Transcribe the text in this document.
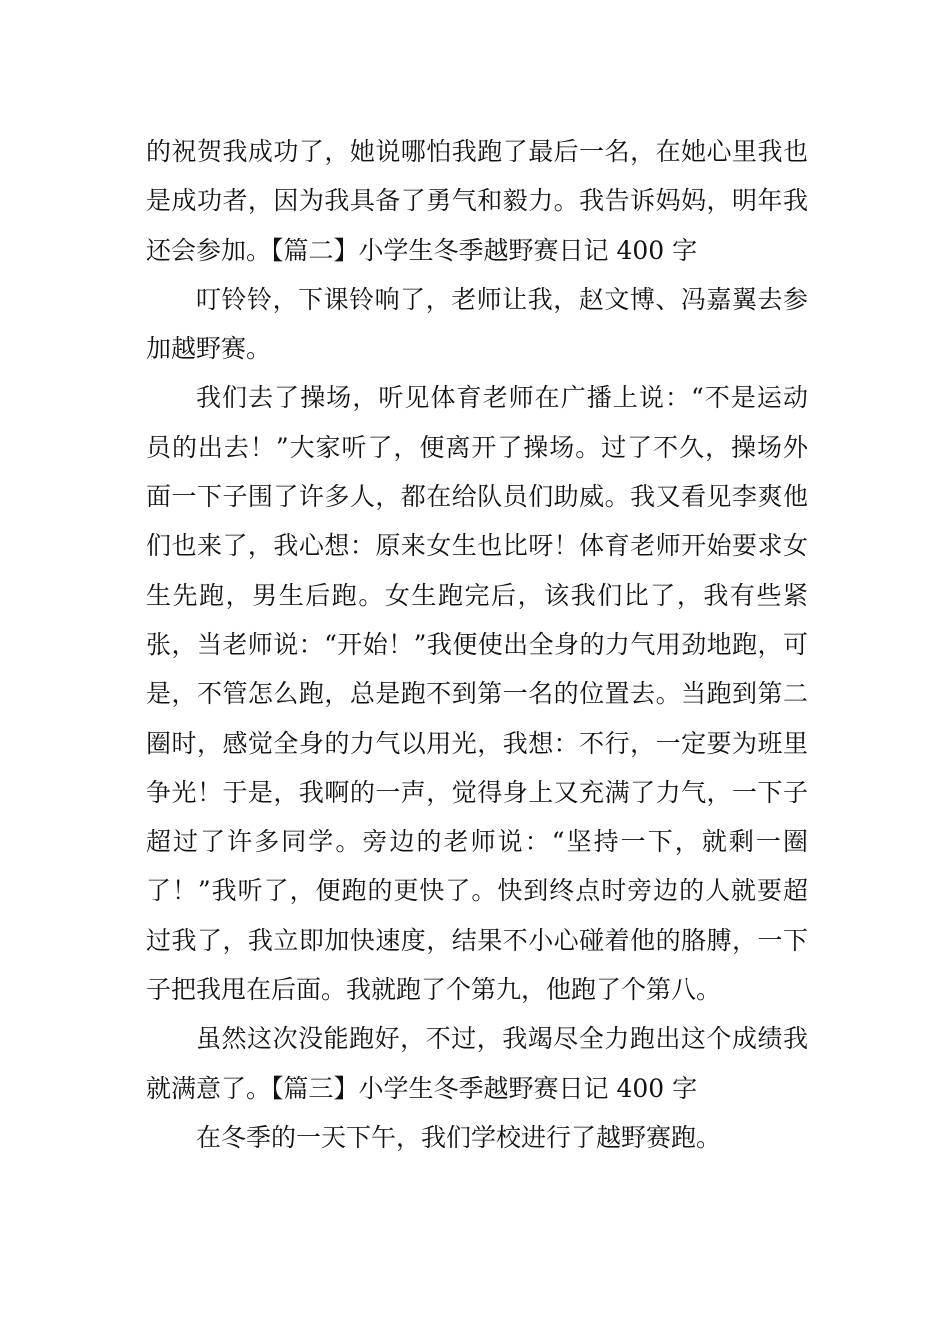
的祝贺我成功了，她说哪怕我跑了最后一名，在她心里我也是成功者，因为我具备了勇气和毅力。我告诉妈妈，明年我还会参加。【篇二】小学生冬季越野赛日记 400 字

叮铃铃，下课铃响了，老师让我，赵文博、冯嘉翼去参加越野赛。

我们去了操场，听见体育老师在广播上说：“不是运动员的出去！”大家听了，便离开了操场。过了不久，操场外面一下子围了许多人，都在给队员们助威。我又看见李爽他们也来了，我心想：原来女生也比呀！体育老师开始要求女生先跑，男生后跑。女生跑完后，该我们比了，我有些紧张，当老师说：“开始！”我便使出全身的力气用劲地跑，可是，不管怎么跑，总是跑不到第一名的位置去。当跑到第二圈时，感觉全身的力气以用光，我想：不行，一定要为班里争光！于是，我啊的一声，觉得身上又充满了力气，一下子超过了许多同学。旁边的老师说：“坚持一下，就剩一圈了！”我听了，便跑的更快了。快到终点时旁边的人就要超过我了，我立即加快速度，结果不小心碰着他的胳膊，一下子把我甩在后面。我就跑了个第九，他跑了个第八。

虽然这次没能跑好，不过，我竭尽全力跑出这个成绩我就满意了。【篇三】小学生冬季越野赛日记 400 字

在冬季的一天下午，我们学校进行了越野赛跑。
